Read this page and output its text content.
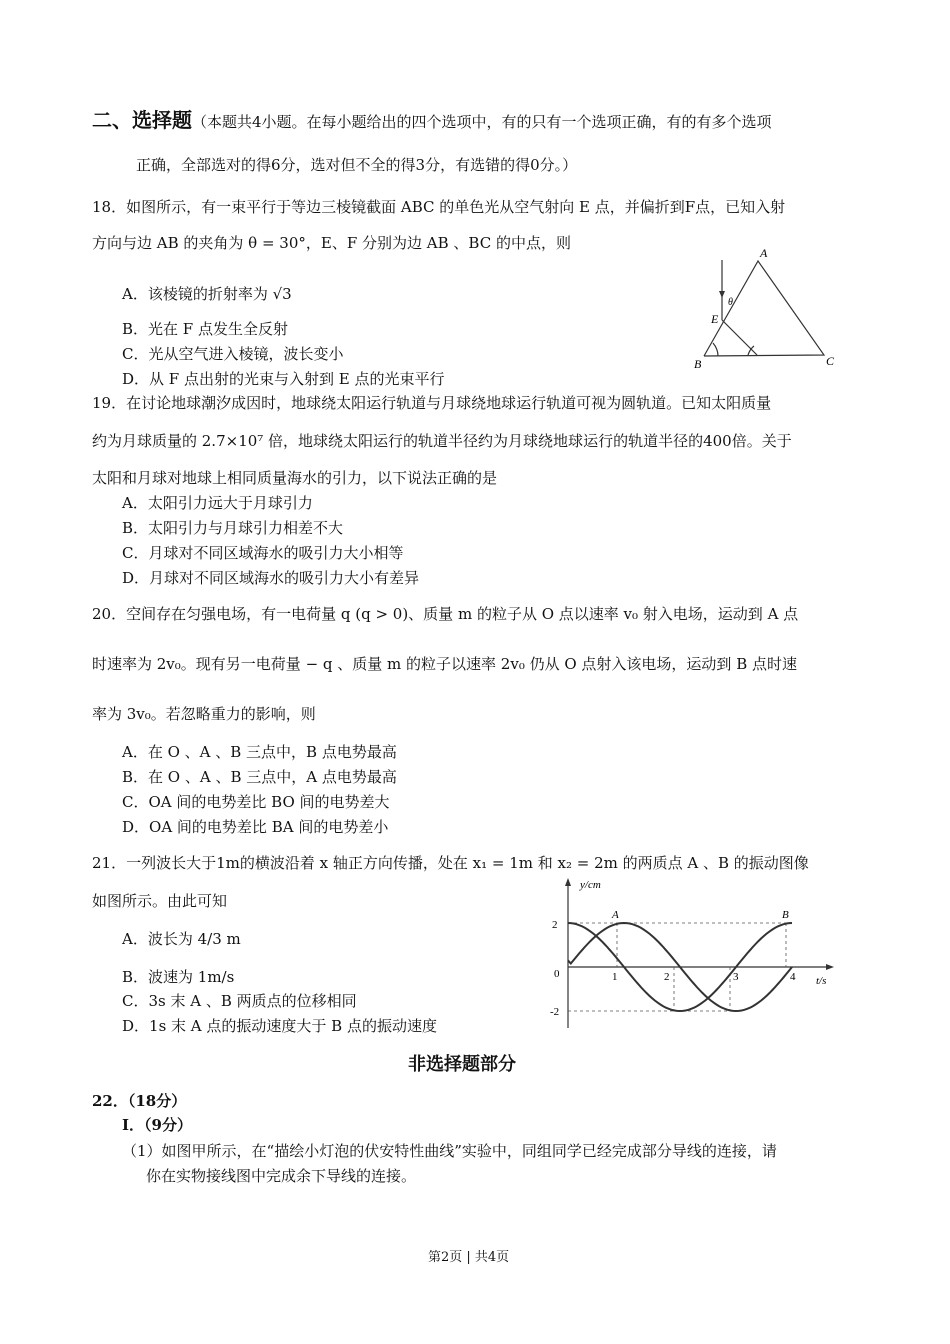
二、选择题（本题共4小题。在每小题给出的四个选项中，有的只有一个选项正确，有的有多个选项
正确，全部选对的得6分，选对但不全的得3分，有选错的得0分。）
18．如图所示，有一束平行于等边三棱镜截面 ABC 的单色光从空气射向 E 点，并偏折到F点，已知入射
方向与边 AB 的夹角为 θ = 30°，E、F 分别为边 AB 、BC 的中点，则
A．该棱镜的折射率为 √3
B．光在 F 点发生全反射
C．光从空气进入棱镜，波长变小
D．从 F 点出射的光束与入射到 E 点的光束平行
A
B	C
E
θ
19．在讨论地球潮汐成因时，地球绕太阳运行轨道与月球绕地球运行轨道可视为圆轨道。已知太阳质量
约为月球质量的 2.7×10⁷ 倍，地球绕太阳运行的轨道半径约为月球绕地球运行的轨道半径的400倍。关于
太阳和月球对地球上相同质量海水的引力，以下说法正确的是
A．太阳引力远大于月球引力
B．太阳引力与月球引力相差不大
C．月球对不同区域海水的吸引力大小相等
D．月球对不同区域海水的吸引力大小有差异
20．空间存在匀强电场，有一电荷量 q (q > 0)、质量 m 的粒子从 O 点以速率 v₀ 射入电场，运动到 A 点
时速率为 2v₀。现有另一电荷量 − q 、质量 m 的粒子以速率 2v₀ 仍从 O 点射入该电场，运动到 B 点时速
率为 3v₀。若忽略重力的影响，则
A．在 O 、A 、B 三点中，B 点电势最高
B．在 O 、A 、B 三点中，A 点电势最高
C．OA 间的电势差比 BO 间的电势差大
D．OA 间的电势差比 BA 间的电势差小
21．一列波长大于1m的横波沿着 x 轴正方向传播，处在 x₁ = 1m 和 x₂ = 2m 的两质点 A 、B 的振动图像
如图所示。由此可知
A．波长为 4/3 m
B．波速为 1m/s
C．3s 末 A 、B 两质点的位移相同
D．1s 末 A 点的振动速度大于 B 点的振动速度
y/cm
t/s
2
-2
0	1	2	3	4
A	B
非选择题部分
22．（18分）
I．（9分）
（1）如图甲所示，在“描绘小灯泡的伏安特性曲线”实验中，同组同学已经完成部分导线的连接，请
你在实物接线图中完成余下导线的连接。
第2页 | 共4页
